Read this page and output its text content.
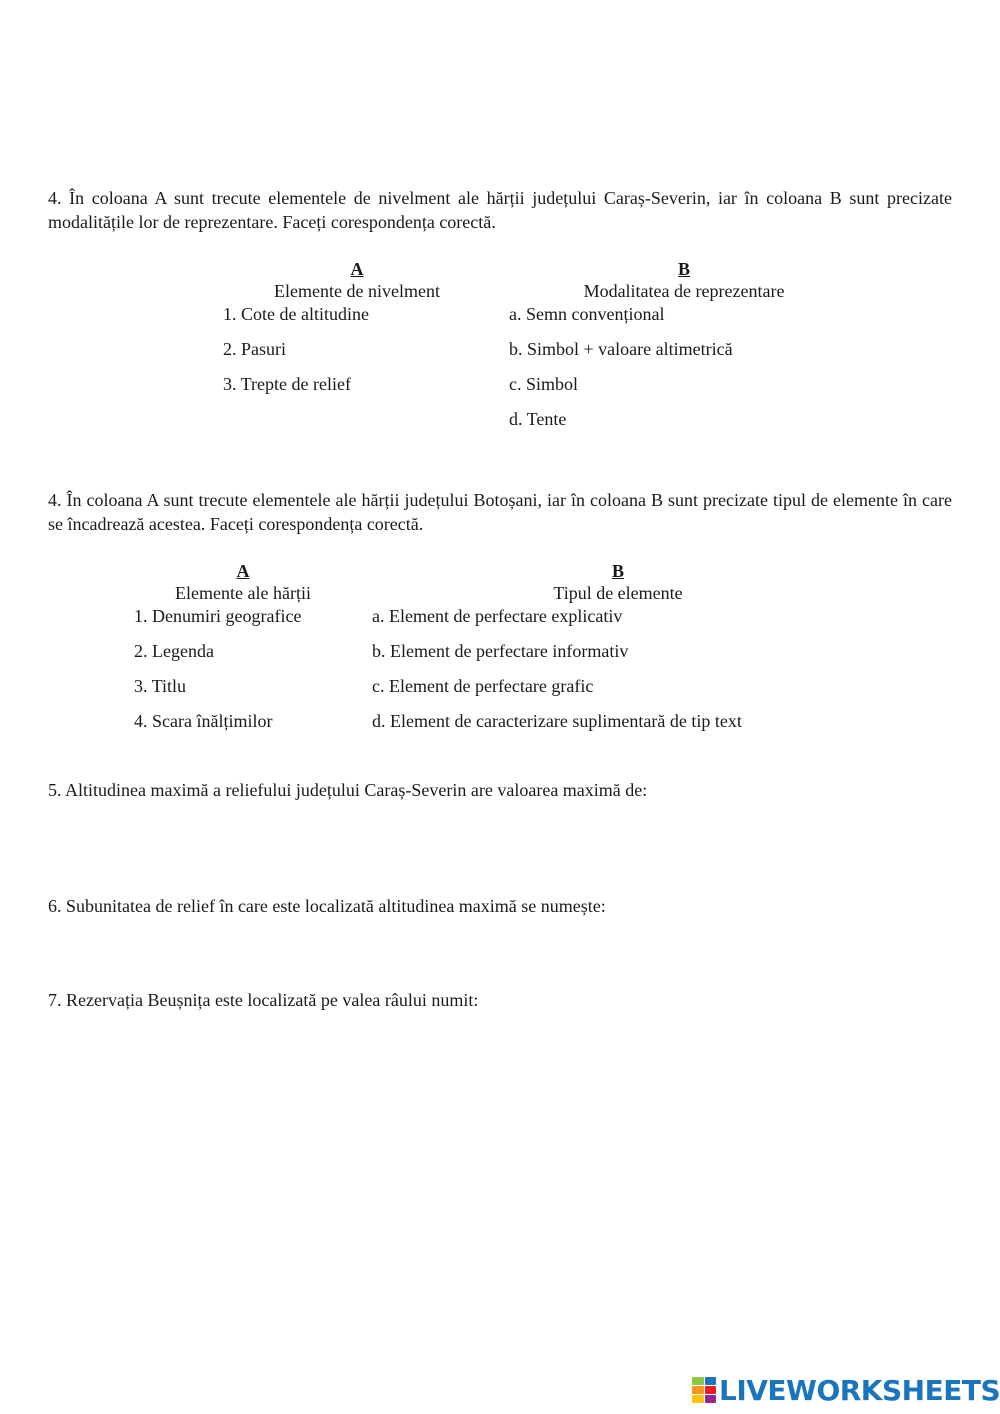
4. În coloana A sunt trecute elementele de nivelment ale hărții județului Caraș-Severin, iar în coloana B sunt precizate modalitățile lor de reprezentare. Faceți corespondența corectă.
A
Elemente de nivelment
B
Modalitatea de reprezentare
1. Cote de altitudine
2. Pasuri
3. Trepte de relief
a. Semn convențional
b. Simbol + valoare altimetrică
c. Simbol
d. Tente
4. În coloana A sunt trecute elementele ale hărții județului Botoșani, iar în coloana B sunt precizate tipul de elemente în care se încadrează acestea. Faceți corespondența corectă.
A
Elemente ale hărții
B
Tipul de elemente
1. Denumiri geografice
2. Legenda
3. Titlu
4. Scara înălțimilor
a. Element de perfectare explicativ
b. Element de perfectare informativ
c. Element de perfectare grafic
d. Element de caracterizare suplimentară de tip text
5. Altitudinea maximă a reliefului județului Caraș-Severin are valoarea maximă de:
6. Subunitatea de relief în care este localizată altitudinea maximă se numește:
7. Rezervația Beușnița este localizată pe valea râului numit:
LIVEWORKSHEETS
